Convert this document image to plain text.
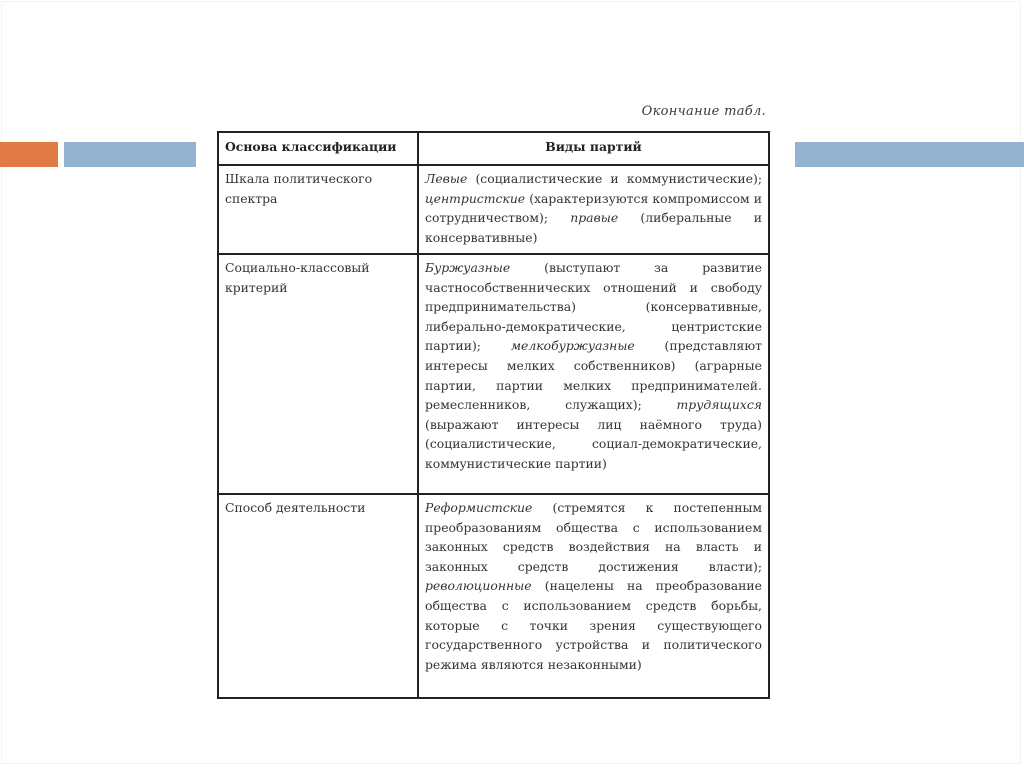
Окончание табл.
Основа классификации	Виды партий
Шкала политического спектра	Левые (социалистические и коммунистические); центристские (характеризуются компромиссом и сотрудничеством); правые (либеральные и консервативные)
Социально-классовый критерий	Буржуазные (выступают за развитие частнособственнических отношений и свободу предпринимательства) (консервативные, либерально-демократические, центристские партии); мелкобуржуазные (представляют интересы мелких собственников) (аграрные партии, партии мелких предпринимателей. ремесленников, служащих); трудящихся (выражают интересы лиц наёмного труда) (социалистические, социал-демократические, коммунистические партии)
Способ деятельности	Реформистские (стремятся к постепенным преобразованиям общества с использованием законных средств воздействия на власть и законных средств достижения власти); революционные (нацелены на преобразование общества с использованием средств борьбы, которые с точки зрения существующего государственного устройства и политического режима являются незаконными)
